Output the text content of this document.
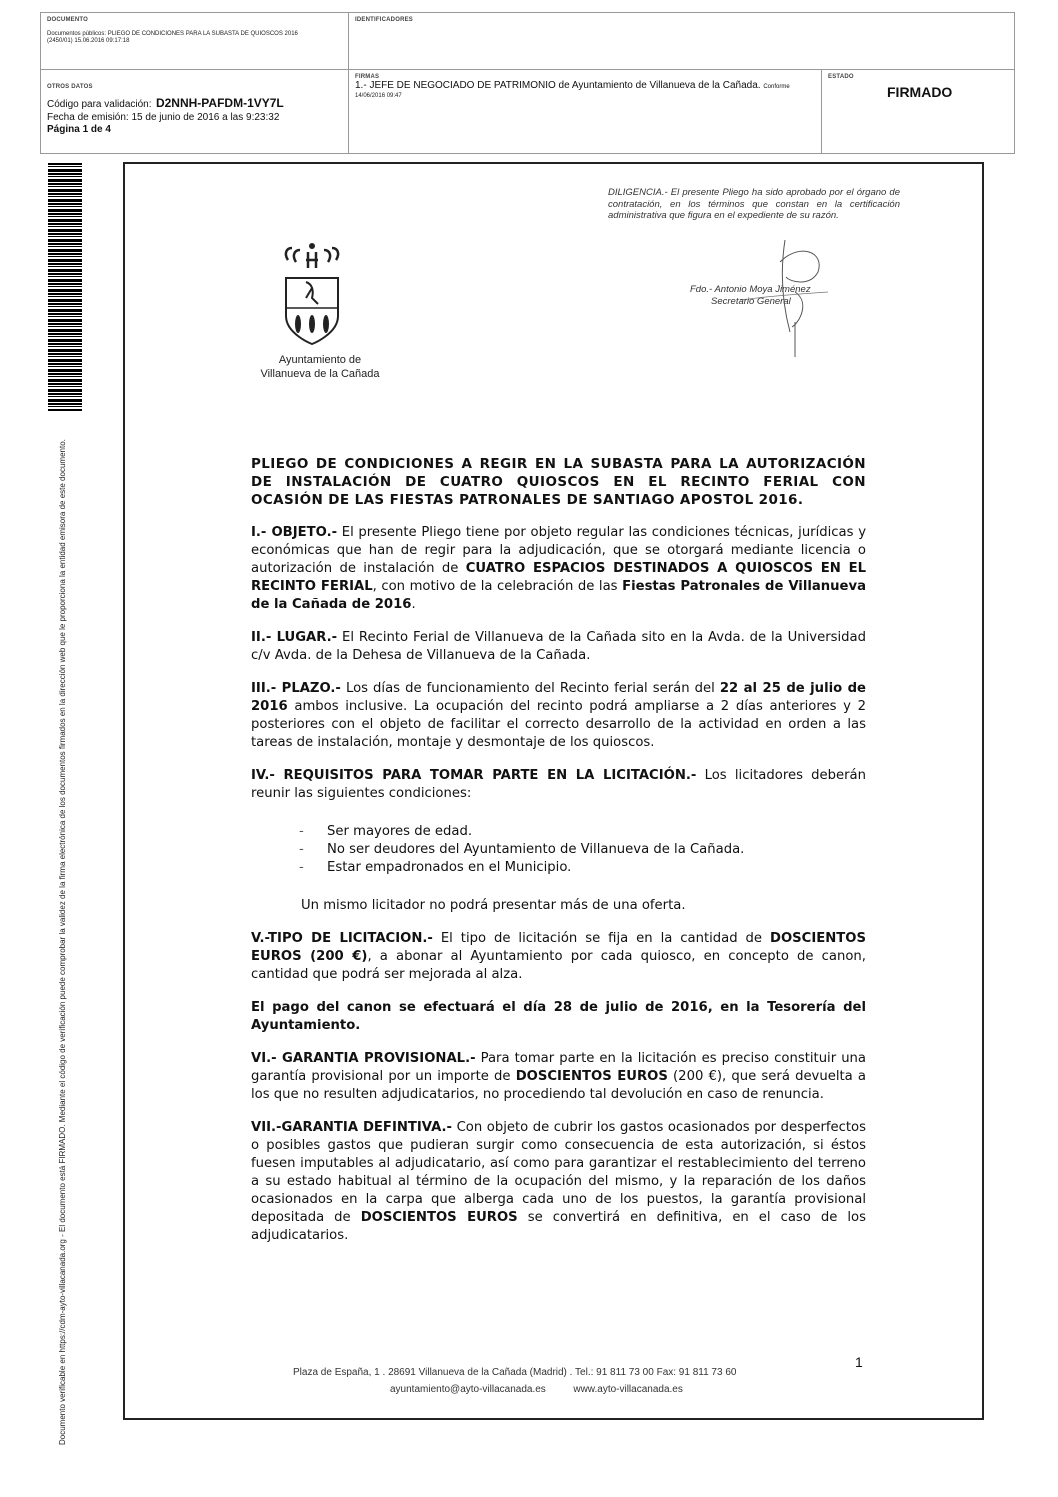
DOCUMENTO
Documentos públicos: PLIEGO DE CONDICIONES PARA LA SUBASTA DE QUIOSCOS 2016 (2450/01) 15.06.2016 09:17:18
IDENTIFICADORES
OTROS DATOS
Código para validación: D2NNH-PAFDM-1VY7L
Fecha de emisión: 15 de junio de 2016 a las 9:23:32
Página 1 de 4
FIRMAS
1.- JEFE DE NEGOCIADO DE PATRIMONIO de Ayuntamiento de Villanueva de la Cañada. Conforme
14/06/2016 09:47
ESTADO
FIRMADO
Documento verificable en https://cdm-ayto-villacanada.org - El documento está FIRMADO. Mediante el código de verificación puede comprobar la validez de la firma electrónica de los documentos firmados en la dirección web que le proporciona la entidad emisora de este documento.
DILIGENCIA.- El presente Pliego ha sido aprobado por el órgano de contratación, en los términos que constan en la certificación administrativa que figura en el expediente de su razón.
Fdo.- Antonio Moya Jiménez
Secretario General
Ayuntamiento de
Villanueva de la Cañada

PLIEGO DE CONDICIONES A REGIR EN LA SUBASTA PARA LA AUTORIZACIÓN DE INSTALACIÓN DE CUATRO QUIOSCOS EN EL RECINTO FERIAL CON OCASIÓN DE LAS FIESTAS PATRONALES DE SANTIAGO APOSTOL 2016.

I.- OBJETO.- El presente Pliego tiene por objeto regular las condiciones técnicas, jurídicas y económicas que han de regir para la adjudicación, que se otorgará mediante licencia o autorización de instalación de CUATRO ESPACIOS DESTINADOS A QUIOSCOS EN EL RECINTO FERIAL, con motivo de la celebración de las Fiestas Patronales de Villanueva de la Cañada de 2016.

II.- LUGAR.- El Recinto Ferial de Villanueva de la Cañada sito en la Avda. de la Universidad c/v Avda. de la Dehesa de Villanueva de la Cañada.

III.- PLAZO.- Los días de funcionamiento del Recinto ferial serán del 22 al 25 de julio de 2016 ambos inclusive. La ocupación del recinto podrá ampliarse a 2 días anteriores y 2 posteriores con el objeto de facilitar el correcto desarrollo de la actividad en orden a las tareas de instalación, montaje y desmontaje de los quioscos.

IV.- REQUISITOS PARA TOMAR PARTE EN LA LICITACIÓN.- Los licitadores deberán reunir las siguientes condiciones:

- Ser mayores de edad.
- No ser deudores del Ayuntamiento de Villanueva de la Cañada.
- Estar empadronados en el Municipio.

Un mismo licitador no podrá presentar más de una oferta.

V.-TIPO DE LICITACION.- El tipo de licitación se fija en la cantidad de DOSCIENTOS EUROS (200 €), a abonar al Ayuntamiento por cada quiosco, en concepto de canon, cantidad que podrá ser mejorada al alza.

El pago del canon se efectuará el día 28 de julio de 2016, en la Tesorería del Ayuntamiento.

VI.- GARANTIA PROVISIONAL.- Para tomar parte en la licitación es preciso constituir una garantía provisional por un importe de DOSCIENTOS EUROS (200 €), que será devuelta a los que no resulten adjudicatarios, no procediendo tal devolución en caso de renuncia.

VII.-GARANTIA DEFINTIVA.- Con objeto de cubrir los gastos ocasionados por desperfectos o posibles gastos que pudieran surgir como consecuencia de esta autorización, si éstos fuesen imputables al adjudicatario, así como para garantizar el restablecimiento del terreno a su estado habitual al término de la ocupación del mismo, y la reparación de los daños ocasionados en la carpa que alberga cada uno de los puestos, la garantía provisional depositada de DOSCIENTOS EUROS se convertirá en definitiva, en el caso de los adjudicatarios.

1
Plaza de España, 1 . 28691 Villanueva de la Cañada (Madrid) . Tel.: 91 811 73 00 Fax: 91 811 73 60
ayuntamiento@ayto-villacanada.es	www.ayto-villacanada.es
